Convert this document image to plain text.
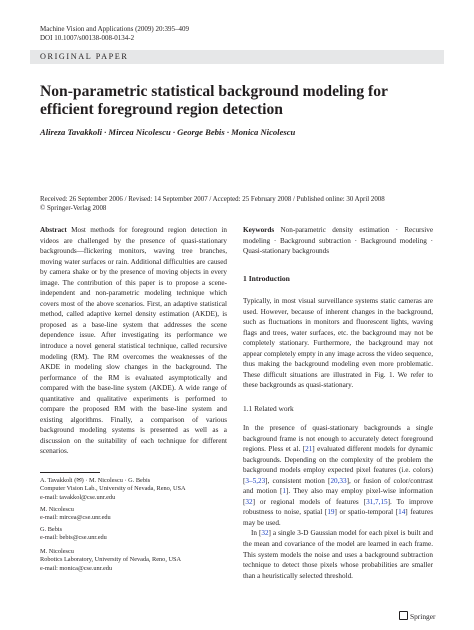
Machine Vision and Applications (2009) 20:395–409
DOI 10.1007/s00138-008-0134-2
ORIGINAL PAPER
Non-parametric statistical background modeling for efficient foreground region detection
Alireza Tavakkoli · Mircea Nicolescu · George Bebis · Monica Nicolescu
Received: 26 September 2006 / Revised: 14 September 2007 / Accepted: 25 February 2008 / Published online: 30 April 2008
© Springer-Verlag 2008
Abstract Most methods for foreground region detection in videos are challenged by the presence of quasi-stationary backgrounds—flickering monitors, waving tree branches, moving water surfaces or rain. Additional difficulties are caused by camera shake or by the presence of moving objects in every image. The contribution of this paper is to propose a scene-independent and non-parametric modeling technique which covers most of the above scenarios. First, an adaptive statistical method, called adaptive kernel density estimation (AKDE), is proposed as a base-line system that addresses the scene dependence issue. After investigating its performance we introduce a novel general statistical technique, called recursive modeling (RM). The RM overcomes the weaknesses of the AKDE in modeling slow changes in the background. The performance of the RM is evaluated asymptotically and compared with the base-line system (AKDE). A wide range of quantitative and qualitative experiments is performed to compare the proposed RM with the base-line system and existing algorithms. Finally, a comparison of various background modeling systems is presented as well as a discussion on the suitability of each technique for different scenarios.
A. Tavakkoli (✉) · M. Nicolescu · G. Bebis
Computer Vision Lab., University of Nevada, Reno, USA
e-mail: tavakkol@cse.unr.edu
M. Nicolescu
e-mail: mircea@cse.unr.edu
G. Bebis
e-mail: bebis@cse.unr.edu
M. Nicolescu
Robotics Laboratory, University of Nevada, Reno, USA
e-mail: monica@cse.unr.edu
Keywords Non-parametric density estimation · Recursive modeling · Background subtraction · Background modeling · Quasi-stationary backgrounds
1 Introduction
Typically, in most visual surveillance systems static cameras are used. However, because of inherent changes in the background, such as fluctuations in monitors and fluorescent lights, waving flags and trees, water surfaces, etc. the background may not be completely stationary. Furthermore, the background may not appear completely empty in any image across the video sequence, thus making the background modeling even more problematic. These difficult situations are illustrated in Fig. 1. We refer to these backgrounds as quasi-stationary.
1.1 Related work
In the presence of quasi-stationary backgrounds a single background frame is not enough to accurately detect foreground regions. Pless et al. [21] evaluated different models for dynamic backgrounds. Depending on the complexity of the problem the background models employ expected pixel features (i.e. colors) [3–5,23], consistent motion [20,33], or fusion of color/contrast and motion [1]. They also may employ pixel-wise information [32] or regional models of features [31,7,15]. To improve robustness to noise, spatial [19] or spatio-temporal [14] features may be used.
In [32] a single 3-D Gaussian model for each pixel is built and the mean and covariance of the model are learned in each frame. This system models the noise and uses a background subtraction technique to detect those pixels whose probabilities are smaller than a heuristically selected threshold.
Springer
